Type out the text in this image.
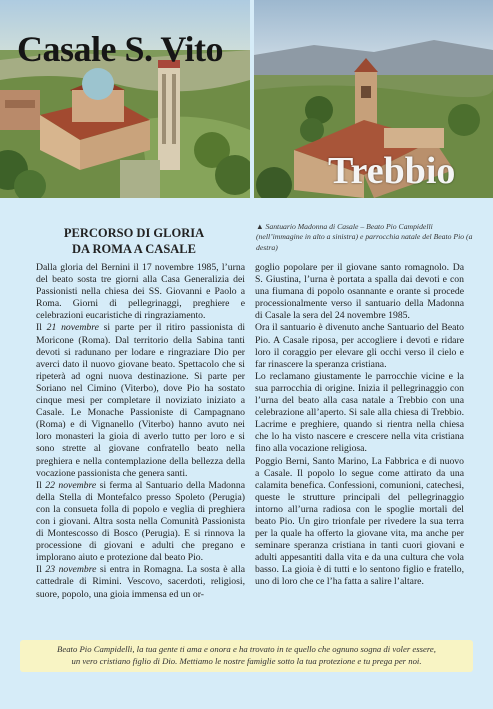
Casale S. Vito
Trebbio
PERCORSO DI GLORIA
DA ROMA A CASALE
▲ Santuario Madonna di Casale – Beato Pio Campidelli (nell’immagine in alto a sinistra) e parrocchia natale del Beato Pio (a destra)

Dalla gloria del Bernini il 17 novembre 1985, l’urna del beato sosta tre giorni alla Casa Generalizia dei Passionisti nella chiesa dei SS. Giovanni e Paolo a Roma. Giorni di pellegrinaggi, preghiere e celebrazioni eucaristiche di ringraziamento.

Il 21 novembre si parte per il ritiro passionista di Moricone (Roma). Dal territorio della Sabina tanti devoti si radunano per lodare e ringraziare Dio per averci dato il nuovo giovane beato. Spettacolo che si ripeterà ad ogni nuova destinazione. Si parte per Soriano nel Cimino (Viterbo), dove Pio ha sostato cinque mesi per completare il noviziato iniziato a Casale. Le Monache Passioniste di Campagnano (Roma) e di Vignanello (Viterbo) hanno avuto nei loro monasteri la gioia di averlo tutto per loro e si sono strette al giovane confratello beato nella preghiera e nella contemplazione della bellezza della vocazione passionista che genera santi.

Il 22 novembre si ferma al Santuario della Madonna della Stella di Montefalco presso Spoleto (Perugia) con la consueta folla di popolo e veglia di preghiera con i giovani. Altra sosta nella Comunità Passionista di Montescosso di Bosco (Perugia). E si rinnova la processione di giovani e adulti che pregano e implorano aiuto e protezione dal beato Pio.

Il 23 novembre si entra in Romagna. La sosta è alla cattedrale di Rimini. Vescovo, sacerdoti, religiosi, suore, popolo, una gioia immensa ed un or-

goglio popolare per il giovane santo romagnolo. Da S. Giustina, l’urna è portata a spalla dai devoti e con una fiumana di popolo osannante e orante si procede processionalmente verso il santuario della Madonna di Casale la sera del 24 novembre 1985.

Ora il santuario è divenuto anche Santuario del Beato Pio. A Casale riposa, per accogliere i devoti e ridare loro il coraggio per elevare gli occhi verso il cielo e far rinascere la speranza cristiana.

Lo reclamano giustamente le parrocchie vicine e la sua parrocchia di origine. Inizia il pellegrinaggio con l’urna del beato alla casa natale a Trebbio con una celebrazione all’aperto. Si sale alla chiesa di Trebbio. Lacrime e preghiere, quando si rientra nella chiesa che lo ha visto nascere e crescere nella vita cristiana fino alla vocazione religiosa.

Poggio Berni, Santo Marino, La Fabbrica e di nuovo a Casale. Il popolo lo segue come attirato da una calamita benefica. Confessioni, comunioni, catechesi, queste le strutture principali del pellegrinaggio intorno all’urna radiosa con le spoglie mortali del beato Pio. Un giro trionfale per rivedere la sua terra per la quale ha offerto la giovane vita, ma anche per seminare speranza cristiana in tanti cuori giovani e adulti appesantiti dalla vita e da una cultura che vola basso. La gioia è di tutti e lo sentono figlio e fratello, uno di loro che ce l’ha fatta a salire l’altare.

Beato Pio Campidelli, la tua gente ti ama e onora e ha trovato in te quello che ognuno sogna di voler essere,
un vero cristiano figlio di Dio. Mettiamo le nostre famiglie sotto la tua protezione e tu prega per noi.
